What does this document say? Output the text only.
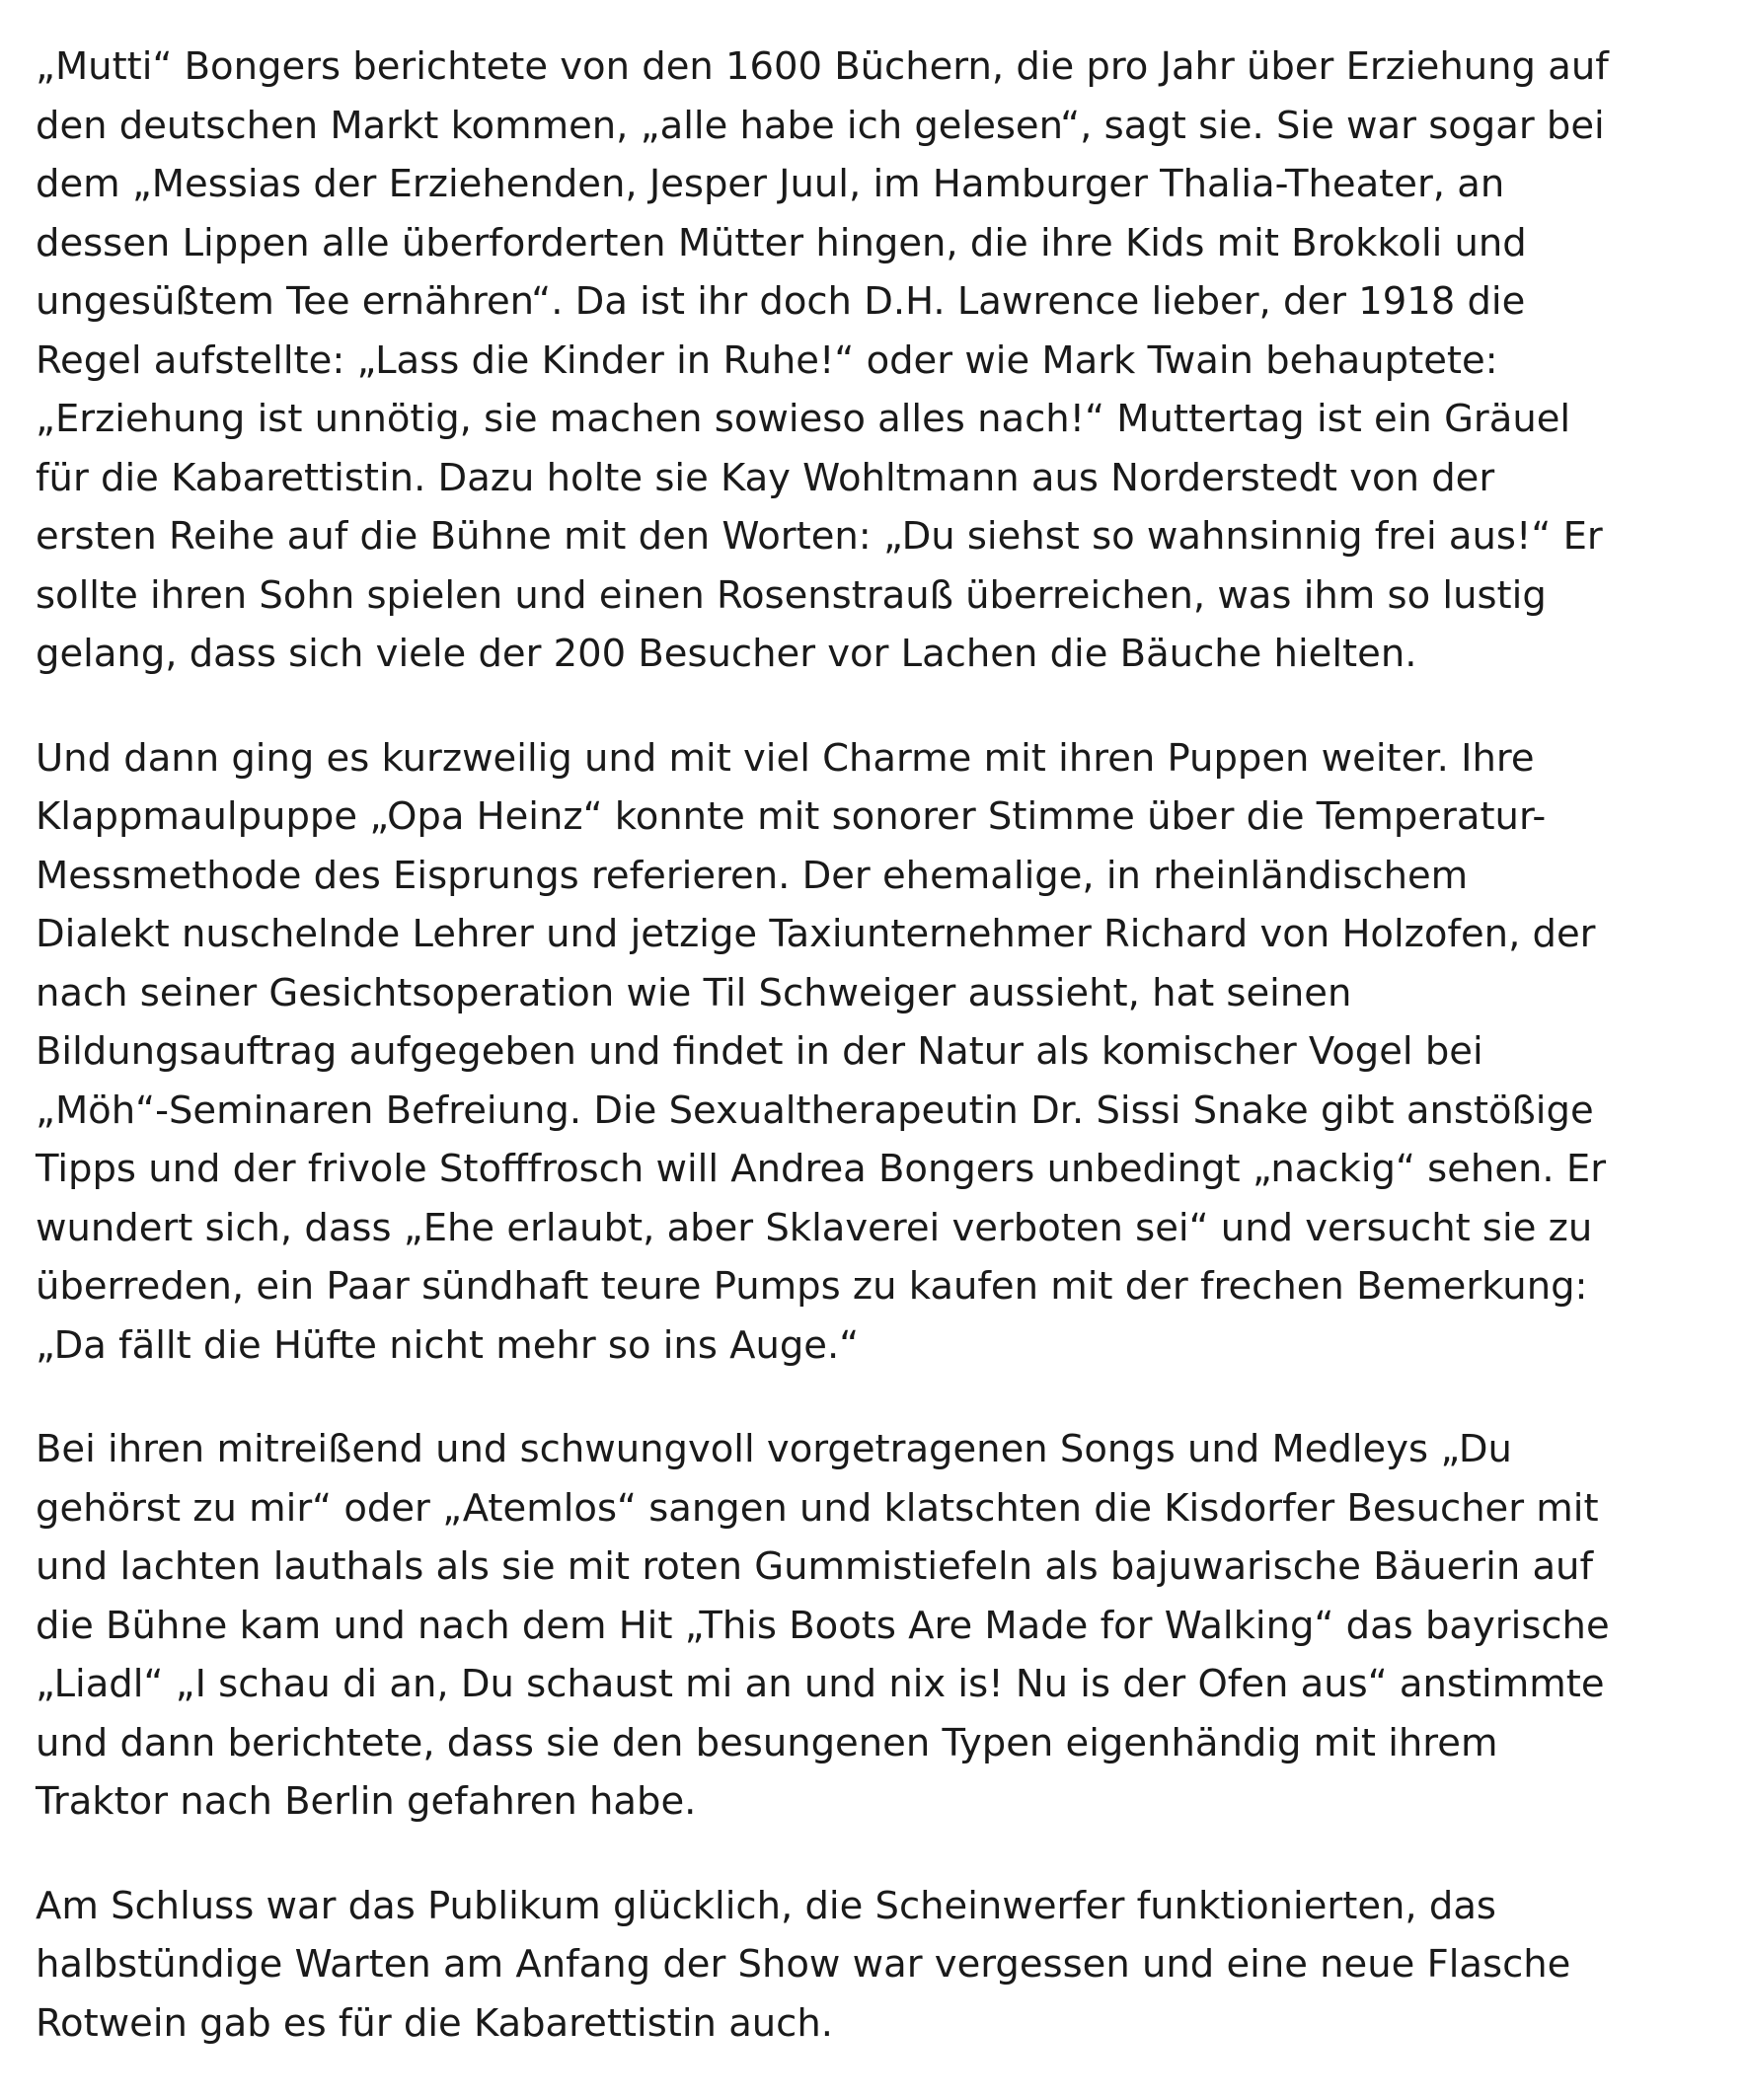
„Mutti“ Bongers berichtete von den 1600 Büchern, die pro Jahr über Erziehung auf
den deutschen Markt kommen, „alle habe ich gelesen“, sagt sie. Sie war sogar bei
dem „Messias der Erziehenden, Jesper Juul, im Hamburger Thalia-Theater, an
dessen Lippen alle überforderten Mütter hingen, die ihre Kids mit Brokkoli und
ungesüßtem Tee ernähren“. Da ist ihr doch D.H. Lawrence lieber, der 1918 die
Regel aufstellte: „Lass die Kinder in Ruhe!“ oder wie Mark Twain behauptete:
„Erziehung ist unnötig, sie machen sowieso alles nach!“ Muttertag ist ein Gräuel
für die Kabarettistin. Dazu holte sie Kay Wohltmann aus Norderstedt von der
ersten Reihe auf die Bühne mit den Worten: „Du siehst so wahnsinnig frei aus!“ Er
sollte ihren Sohn spielen und einen Rosenstrauß überreichen, was ihm so lustig
gelang, dass sich viele der 200 Besucher vor Lachen die Bäuche hielten.

Und dann ging es kurzweilig und mit viel Charme mit ihren Puppen weiter. Ihre
Klappmaulpuppe „Opa Heinz“ konnte mit sonorer Stimme über die Temperatur-
Messmethode des Eisprungs referieren. Der ehemalige, in rheinländischem
Dialekt nuschelnde Lehrer und jetzige Taxiunternehmer Richard von Holzofen, der
nach seiner Gesichtsoperation wie Til Schweiger aussieht, hat seinen
Bildungsauftrag aufgegeben und findet in der Natur als komischer Vogel bei
„Möh“-Seminaren Befreiung. Die Sexualtherapeutin Dr. Sissi Snake gibt anstößige
Tipps und der frivole Stofffrosch will Andrea Bongers unbedingt „nackig“ sehen. Er
wundert sich, dass „Ehe erlaubt, aber Sklaverei verboten sei“ und versucht sie zu
überreden, ein Paar sündhaft teure Pumps zu kaufen mit der frechen Bemerkung:
„Da fällt die Hüfte nicht mehr so ins Auge.“

Bei ihren mitreißend und schwungvoll vorgetragenen Songs und Medleys „Du
gehörst zu mir“ oder „Atemlos“ sangen und klatschten die Kisdorfer Besucher mit
und lachten lauthals als sie mit roten Gummistiefeln als bajuwarische Bäuerin auf
die Bühne kam und nach dem Hit „This Boots Are Made for Walking“ das bayrische
„Liadl“ „I schau di an, Du schaust mi an und nix is! Nu is der Ofen aus“ anstimmte
und dann berichtete, dass sie den besungenen Typen eigenhändig mit ihrem
Traktor nach Berlin gefahren habe.

Am Schluss war das Publikum glücklich, die Scheinwerfer funktionierten, das
halbstündige Warten am Anfang der Show war vergessen und eine neue Flasche
Rotwein gab es für die Kabarettistin auch.
